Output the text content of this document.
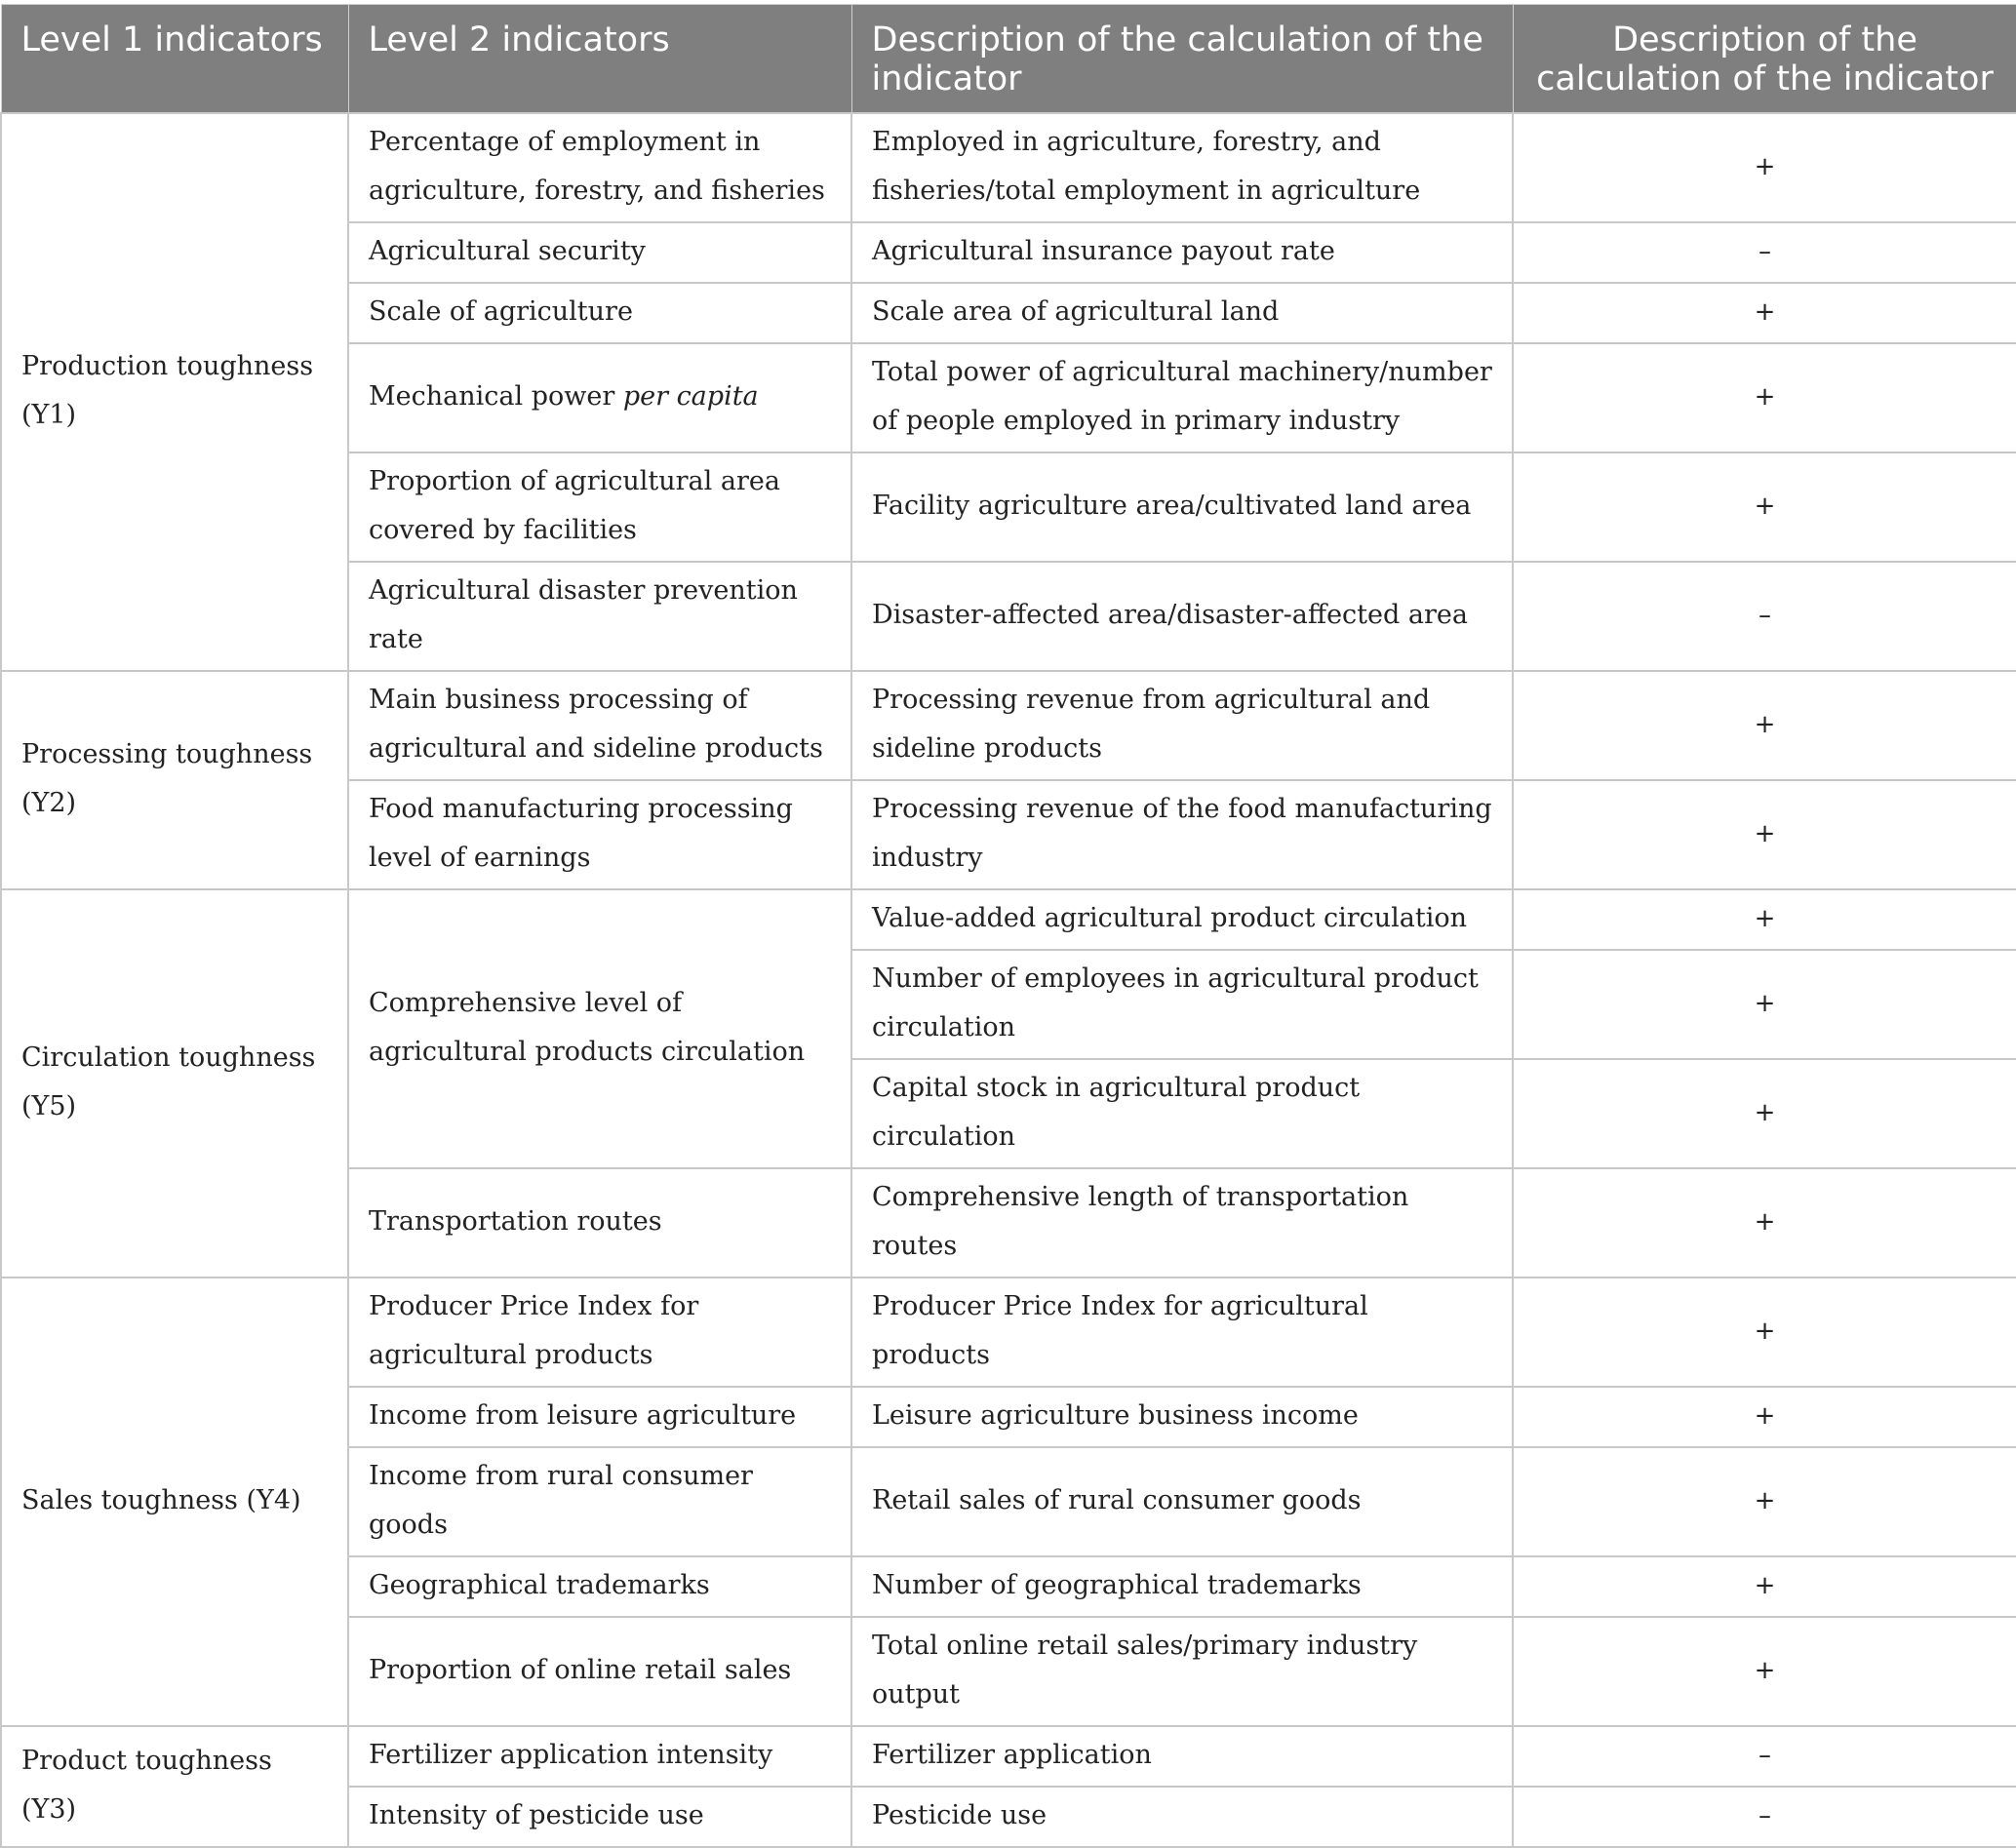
Level 1 indicators	Level 2 indicators	Description of the calculation of the indicator	Description of the calculation of the indicator
Production toughness (Y1)	Percentage of employment in agriculture, forestry, and fisheries	Employed in agriculture, forestry, and fisheries/total employment in agriculture	+
	Agricultural security	Agricultural insurance payout rate	–
	Scale of agriculture	Scale area of agricultural land	+
	Mechanical power per capita	Total power of agricultural machinery/number of people employed in primary industry	+
	Proportion of agricultural area covered by facilities	Facility agriculture area/cultivated land area	+
	Agricultural disaster prevention rate	Disaster-affected area/disaster-affected area	–
Processing toughness (Y2)	Main business processing of agricultural and sideline products	Processing revenue from agricultural and sideline products	+
	Food manufacturing processing level of earnings	Processing revenue of the food manufacturing industry	+
Circulation toughness (Y5)	Comprehensive level of agricultural products circulation	Value-added agricultural product circulation	+
		Number of employees in agricultural product circulation	+
		Capital stock in agricultural product circulation	+
	Transportation routes	Comprehensive length of transportation routes	+
Sales toughness (Y4)	Producer Price Index for agricultural products	Producer Price Index for agricultural products	+
	Income from leisure agriculture	Leisure agriculture business income	+
	Income from rural consumer goods	Retail sales of rural consumer goods	+
	Geographical trademarks	Number of geographical trademarks	+
	Proportion of online retail sales	Total online retail sales/primary industry output	+
Product toughness (Y3)	Fertilizer application intensity	Fertilizer application	–
	Intensity of pesticide use	Pesticide use	–
